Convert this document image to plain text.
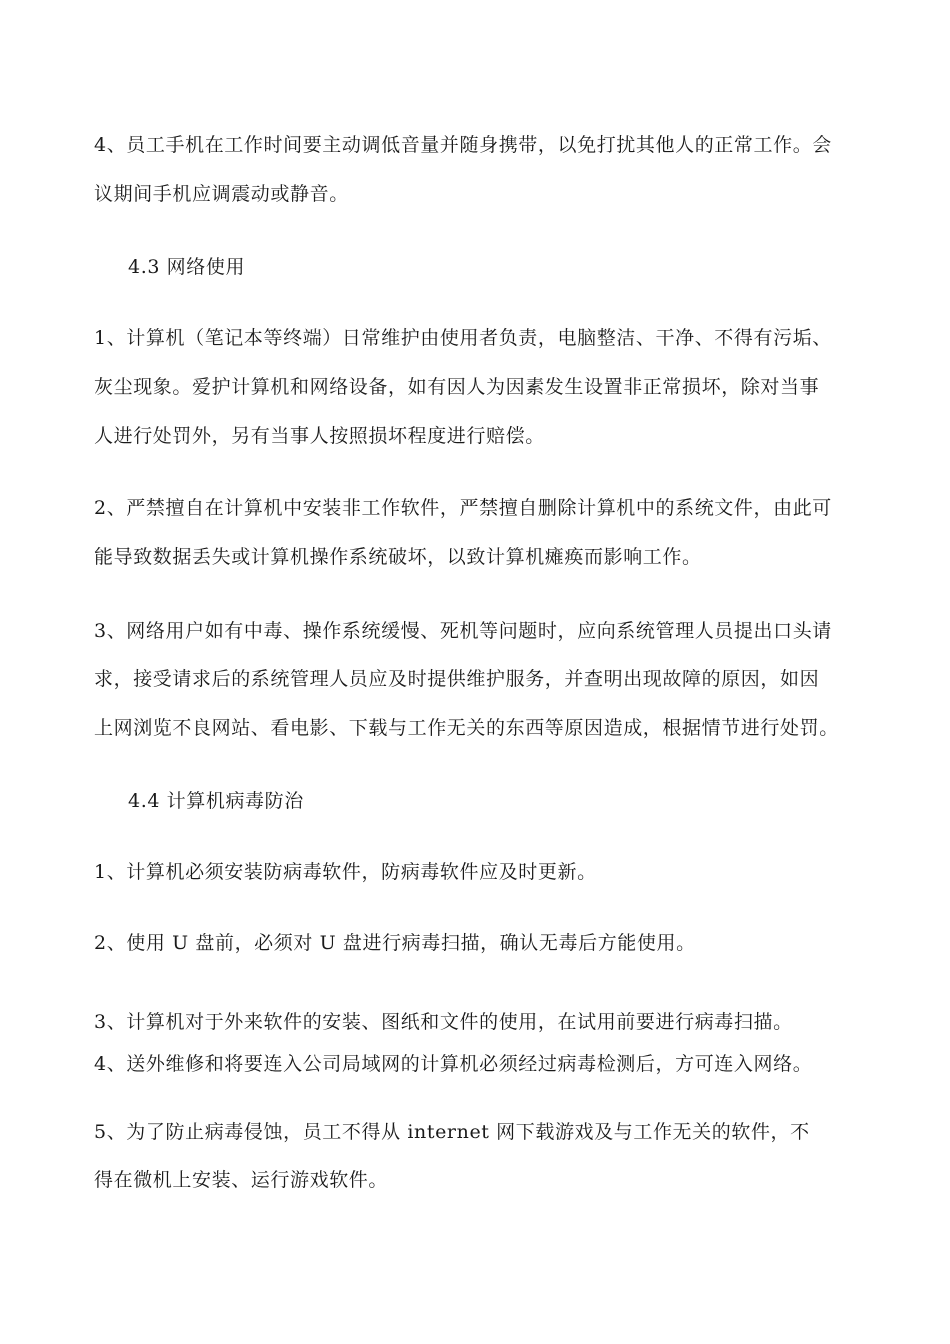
4、员工手机在工作时间要主动调低音量并随身携带，以免打扰其他人的正常工作。会
议期间手机应调震动或静音。
4.3 网络使用
1、计算机（笔记本等终端）日常维护由使用者负责，电脑整洁、干净、不得有污垢、
灰尘现象。爱护计算机和网络设备，如有因人为因素发生设置非正常损坏，除对当事
人进行处罚外，另有当事人按照损坏程度进行赔偿。
2、严禁擅自在计算机中安装非工作软件，严禁擅自删除计算机中的系统文件，由此可
能导致数据丢失或计算机操作系统破坏，以致计算机瘫痪而影响工作。
3、网络用户如有中毒、操作系统缓慢、死机等问题时，应向系统管理人员提出口头请
求，接受请求后的系统管理人员应及时提供维护服务，并查明出现故障的原因，如因
上网浏览不良网站、看电影、下载与工作无关的东西等原因造成，根据情节进行处罚。
4.4 计算机病毒防治
1、计算机必须安装防病毒软件，防病毒软件应及时更新。
2、使用 U 盘前，必须对 U 盘进行病毒扫描，确认无毒后方能使用。
3、计算机对于外来软件的安装、图纸和文件的使用，在试用前要进行病毒扫描。
4、送外维修和将要连入公司局域网的计算机必须经过病毒检测后，方可连入网络。
5、为了防止病毒侵蚀，员工不得从 internet 网下载游戏及与工作无关的软件，不
得在微机上安装、运行游戏软件。
